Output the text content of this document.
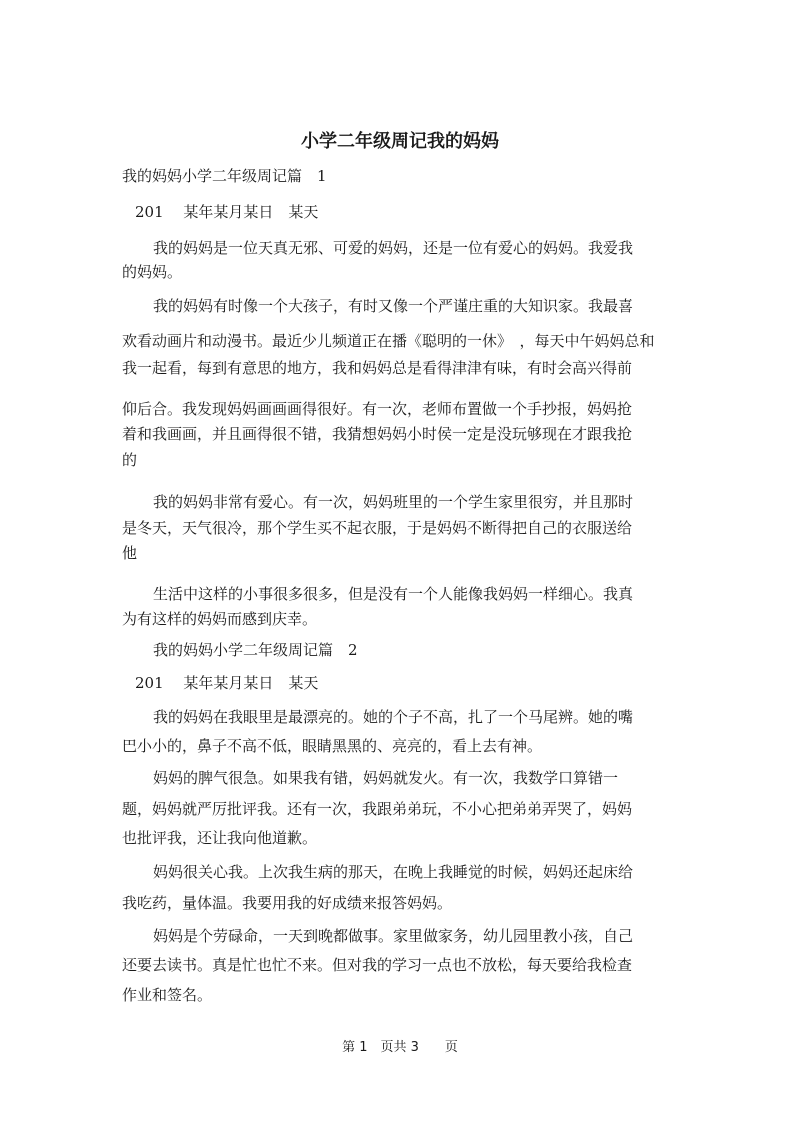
小学二年级周记我的妈妈

我的妈妈小学二年级周记篇　1

201　 某年某月某日　某天

我的妈妈是一位天真无邪、可爱的妈妈，还是一位有爱心的妈妈。我爱我

的妈妈。

我的妈妈有时像一个大孩子，有时又像一个严谨庄重的大知识家。我最喜

欢看动画片和动漫书。最近少儿频道正在播《聪明的一休》　，每天中午妈妈总和

我一起看，每到有意思的地方，我和妈妈总是看得津津有味，有时会高兴得前

仰后合。我发现妈妈画画画得很好。有一次，老师布置做一个手抄报，妈妈抢

着和我画画，并且画得很不错，我猜想妈妈小时侯一定是没玩够现在才跟我抢

的

我的妈妈非常有爱心。有一次，妈妈班里的一个学生家里很穷，并且那时

是冬天，天气很冷，那个学生买不起衣服，于是妈妈不断得把自己的衣服送给

他

生活中这样的小事很多很多，但是没有一个人能像我妈妈一样细心。我真

为有这样的妈妈而感到庆幸。

我的妈妈小学二年级周记篇　2

201　 某年某月某日　某天

我的妈妈在我眼里是最漂亮的。她的个子不高，扎了一个马尾辨。她的嘴

巴小小的，鼻子不高不低，眼睛黑黑的、亮亮的，看上去有神。

妈妈的脾气很急。如果我有错，妈妈就发火。有一次，我数学口算错一

题，妈妈就严厉批评我。还有一次，我跟弟弟玩，不小心把弟弟弄哭了，妈妈

也批评我，还让我向他道歉。

妈妈很关心我。上次我生病的那天，在晚上我睡觉的时候，妈妈还起床给

我吃药，量体温。我要用我的好成绩来报答妈妈。

妈妈是个劳碌命，一天到晚都做事。家里做家务，幼儿园里教小孩，自己

还要去读书。真是忙也忙不来。但对我的学习一点也不放松，每天要给我检查

作业和签名。

第 1　页共 3　　页
